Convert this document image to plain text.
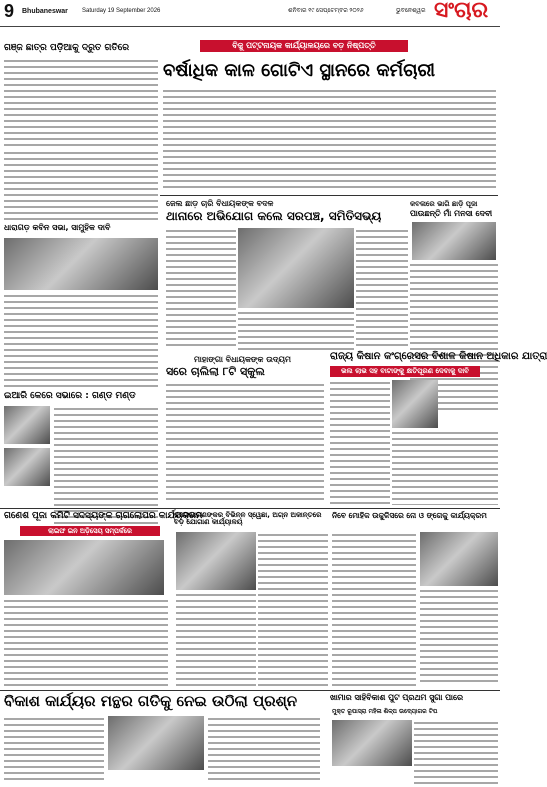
9 Bhubaneswar Saturday 19 September 2026	ଶନିବାର ୧୯ ସେପ୍ଟେମ୍ବର ୨୦୨୬	ଭୁବନେଶ୍ୱର ସଂଚାର
ବିଜୁ ପଟ୍ଟନାୟକ କାର୍ଯ୍ୟାଳୟରେ ବଡ଼ ନିଷ୍ପତ୍ତି
ବର୍ଷାଧିକ କାଳ ଗୋଟିଏ ସ୍ଥାନରେ କର୍ମଚାରୀ
ଗଞ୍ଜ ଛାତ୍ର ପଡ଼ିଆକୁ ଦ୍ରୁତ ଗତିରେ
ଧାରାଗଡ଼ କବିନ ସଭା, ସାମୁହିକ ଦାବି
ଇଆରି କେରେ ସଭାରେ : ଗଣ୍ଡ ମଣ୍ଡ
ଜେଲ ଛାଡ଼ ଚାରି ବିଧାୟକଙ୍କ ବଦଳ
ଥାନାରେ ଅଭିଯୋଗ କଲେ ସରପଞ୍ଚ, ସମିତିସଭ୍ୟ
କବଳାରେ ଭାଗି ଛାଡ଼ି ପୂଜା
ପାଉଛନ୍ତି ମାଁ ମନସା ଦେବୀ
ମାହାଙ୍ଗା ବିଧାୟକଙ୍କ ଉଦ୍ୟମ
ସରେ ଚାଲିଲା ୮ଟି ସ୍କୁଲ
ରାଜ୍ୟ କିଷାନ କଂଗ୍ରେସର ବିଶାଳ କିଷାନ ଅଧିକାର ଯାତ୍ରା
ଭଲ ଲାଭ ସହ ବାଟାଙ୍କୁ କ୍ଷତିପୂରଣ ଦେବାକୁ ଦାବି
ଗଣେଶ ପୂଜା କମିଟି ସଦସ୍ୟଙ୍କ ଚାଗଲୋପର କାର୍ଯ୍ୟକ୍ରମ
ଲାଇଫ ଇନ ଅଡ଼ିସେୟ ସମ୍ପର୍କରେ
ଜନସାଧାରଣଙ୍କର ବିଭିନ୍ନ ସ୍ୱେଛା, ଅଗ୍ନ ଅକାନ୍ତରେ ବଡ଼ ଯୋଗାଣ କାର୍ଯ୍ୟାଳୟ
ନିବେ ମୋହିକ ଉକୁଳିସରେ ନୋ ଓ ଙ୍ଗେକୁ କାର୍ଯ୍ୟକ୍ରମ
ବିକାଶ କାର୍ଯ୍ୟର ମନ୍ଥର ଗତିକୁ ନେଇ ଉଠିଲା ପ୍ରଶ୍ନ	ଖାମାର ସାହିବିକାଶ ପୁଟ ପ୍ରଥମ ସୁଗା ପାରେ
ମୁକ୍ତ ରୂପାସ୍ରା ମହିଳା ଶିଳ୍ପ ଉଦ୍ୟୋଗର ଟିପ
